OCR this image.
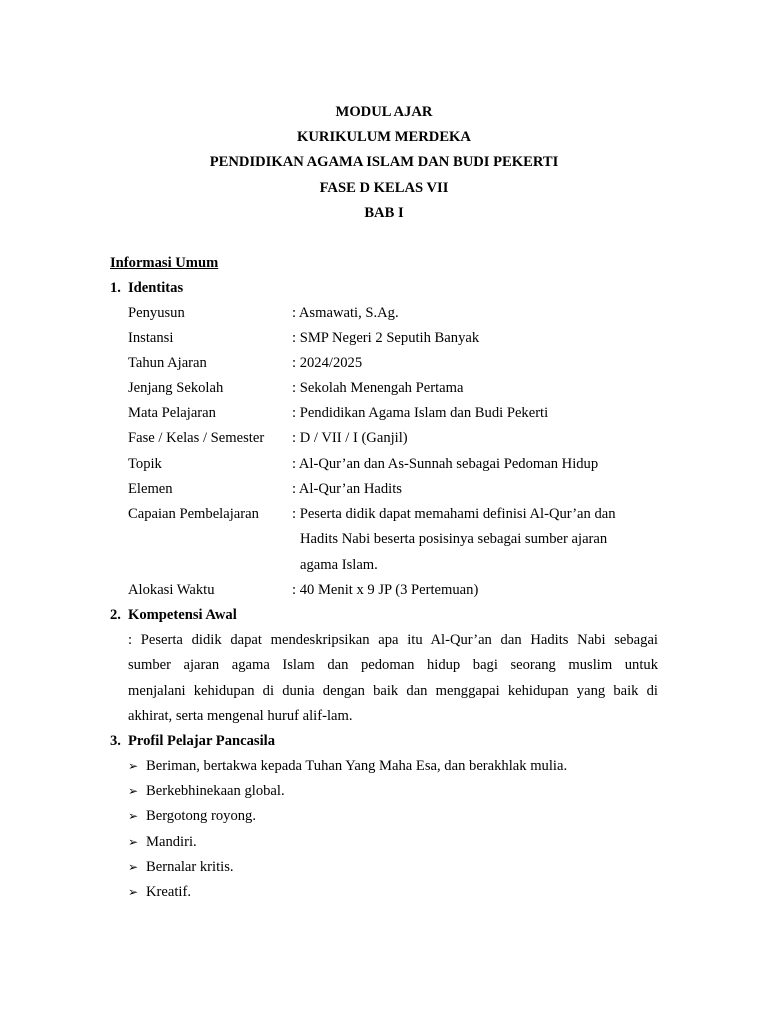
MODUL AJAR
KURIKULUM MERDEKA
PENDIDIKAN AGAMA ISLAM DAN BUDI PEKERTI
FASE D KELAS VII
BAB I
Informasi Umum
1. Identitas
Penyusun	: Asmawati, S.Ag.
Instansi	: SMP Negeri 2 Seputih Banyak
Tahun Ajaran	: 2024/2025
Jenjang Sekolah	: Sekolah Menengah Pertama
Mata Pelajaran	: Pendidikan Agama Islam dan Budi Pekerti
Fase / Kelas / Semester : D / VII / I (Ganjil)
Topik	: Al-Qur’an dan As-Sunnah sebagai Pedoman Hidup
Elemen	: Al-Qur’an Hadits
Capaian Pembelajaran : Peserta didik dapat memahami definisi Al-Qur’an dan
Hadits Nabi beserta posisinya sebagai sumber ajaran
agama Islam.
Alokasi Waktu	: 40 Menit x 9 JP (3 Pertemuan)
2. Kompetensi Awal
: Peserta didik dapat mendeskripsikan apa itu Al-Qur’an dan Hadits Nabi sebagai
sumber ajaran agama Islam dan pedoman hidup bagi seorang muslim untuk
menjalani kehidupan di dunia dengan baik dan menggapai kehidupan yang baik di
akhirat, serta mengenal huruf alif-lam.
3. Profil Pelajar Pancasila
➢ Beriman, bertakwa kepada Tuhan Yang Maha Esa, dan berakhlak mulia.
➢ Berkebhinekaan global.
➢ Bergotong royong.
➢ Mandiri.
➢ Bernalar kritis.
➢ Kreatif.
